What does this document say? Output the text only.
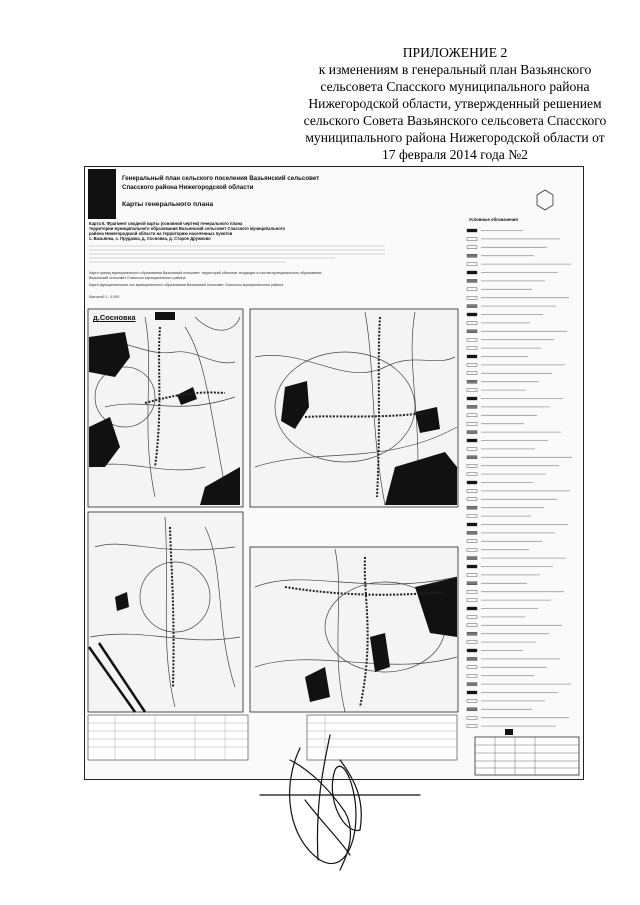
ПРИЛОЖЕНИЕ 2
к изменениям в генеральный план Вазьянского
сельсовета Спасского муниципального района
Нижегородской области, утвержденный решением
сельского Совета Вазьянского сельсовета Спасского
муниципального района Нижегородской области от
17 февраля 2014 года №2
Генеральный план сельского поселения Вазьянский сельсовет
Спасского района Нижегородской области
Карты генерального плана
Карта 6. Фрагмент сводной карты (основной чертеж) генерального плана
территории муниципального образования Вазьянский сельсовет Спасского муниципального
района Нижегородской области на территорию населенных пунктов
с. Вазьянка, с. Прудачка, д. Сосновка, д. Старое Дружково
Карта границ муниципального образования Вазьянский сельсовет, территорий объектов, входящих в состав муниципального образования
Вазьянский сельсовет Спасского муниципального района
Карта функциональных зон муниципального образования Вазьянский сельсовет Спасского муниципального района
Масштаб 1 : 5 000
д.Сосновка
Условные обозначения
